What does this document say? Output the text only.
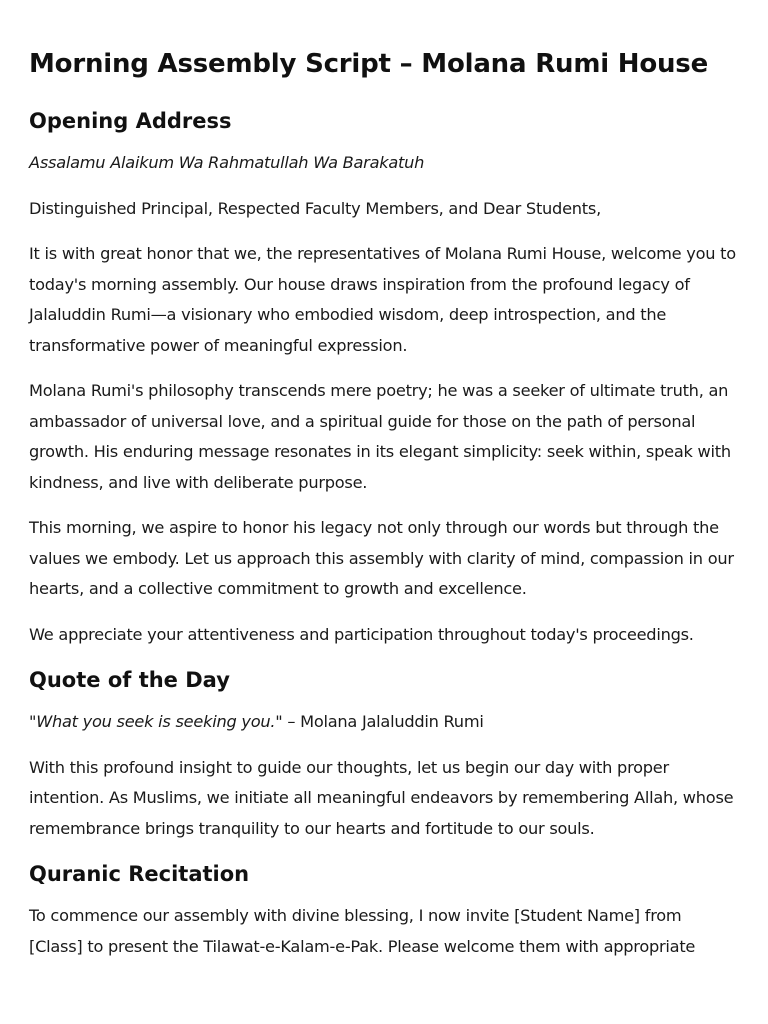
Morning Assembly Script – Molana Rumi House
Opening Address

Assalamu Alaikum Wa Rahmatullah Wa Barakatuh

Distinguished Principal, Respected Faculty Members, and Dear Students,

It is with great honor that we, the representatives of Molana Rumi House, welcome you to today's morning assembly. Our house draws inspiration from the profound legacy of Jalaluddin Rumi—a visionary who embodied wisdom, deep introspection, and the transformative power of meaningful expression.

Molana Rumi's philosophy transcends mere poetry; he was a seeker of ultimate truth, an ambassador of universal love, and a spiritual guide for those on the path of personal growth. His enduring message resonates in its elegant simplicity: seek within, speak with kindness, and live with deliberate purpose.

This morning, we aspire to honor his legacy not only through our words but through the values we embody. Let us approach this assembly with clarity of mind, compassion in our hearts, and a collective commitment to growth and excellence.

We appreciate your attentiveness and participation throughout today's proceedings.

Quote of the Day

"What you seek is seeking you." – Molana Jalaluddin Rumi

With this profound insight to guide our thoughts, let us begin our day with proper intention. As Muslims, we initiate all meaningful endeavors by remembering Allah, whose remembrance brings tranquility to our hearts and fortitude to our souls.

Quranic Recitation

To commence our assembly with divine blessing, I now invite [Student Name] from [Class] to present the Tilawat-e-Kalam-e-Pak. Please welcome them with appropriate
